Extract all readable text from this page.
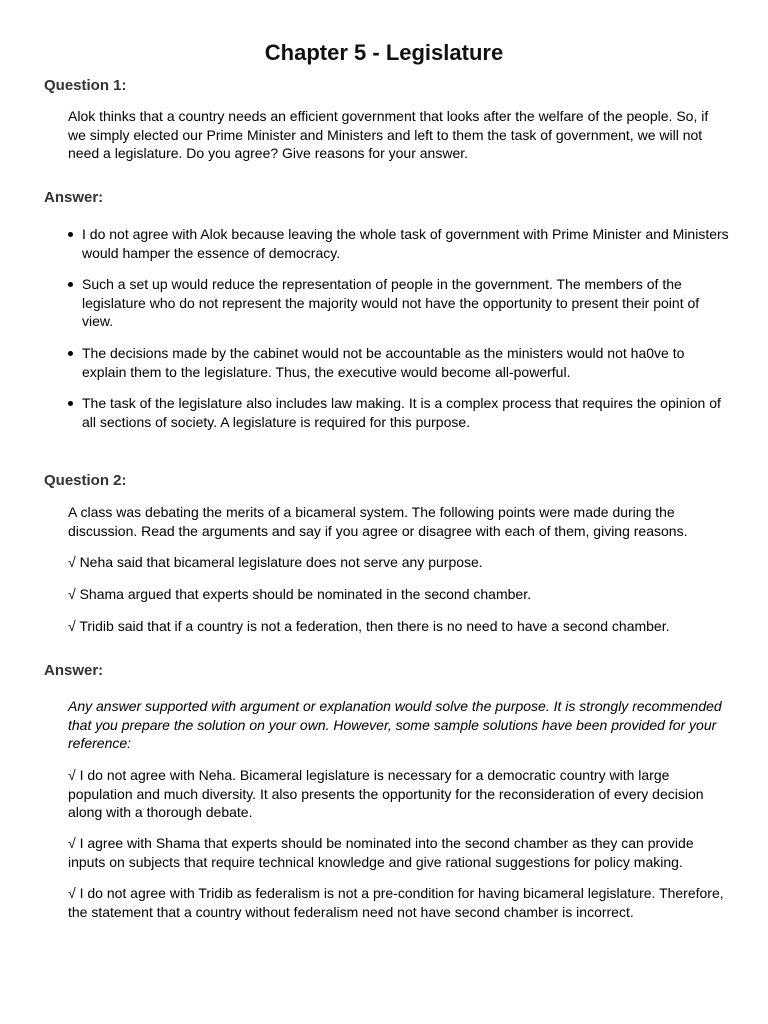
Chapter 5 - Legislature

Question 1:

Alok thinks that a country needs an efficient government that looks after the welfare of the people. So, if we simply elected our Prime Minister and Ministers and left to them the task of government, we will not need a legislature. Do you agree? Give reasons for your answer.

Answer:

I do not agree with Alok because leaving the whole task of government with Prime Minister and Ministers would hamper the essence of democracy.
Such a set up would reduce the representation of people in the government. The members of the legislature who do not represent the majority would not have the opportunity to present their point of view.
The decisions made by the cabinet would not be accountable as the ministers would not ha0ve to explain them to the legislature. Thus, the executive would become all-powerful.
The task of the legislature also includes law making. It is a complex process that requires the opinion of all sections of society. A legislature is required for this purpose.

Question 2:

A class was debating the merits of a bicameral system. The following points were made during the discussion. Read the arguments and say if you agree or disagree with each of them, giving reasons.

√ Neha said that bicameral legislature does not serve any purpose.

√ Shama argued that experts should be nominated in the second chamber.

√ Tridib said that if a country is not a federation, then there is no need to have a second chamber.

Answer:

Any answer supported with argument or explanation would solve the purpose. It is strongly recommended that you prepare the solution on your own. However, some sample solutions have been provided for your reference:

√ I do not agree with Neha. Bicameral legislature is necessary for a democratic country with large population and much diversity. It also presents the opportunity for the reconsideration of every decision along with a thorough debate.

√ I agree with Shama that experts should be nominated into the second chamber as they can provide inputs on subjects that require technical knowledge and give rational suggestions for policy making.

√ I do not agree with Tridib as federalism is not a pre-condition for having bicameral legislature. Therefore, the statement that a country without federalism need not have second chamber is incorrect.
